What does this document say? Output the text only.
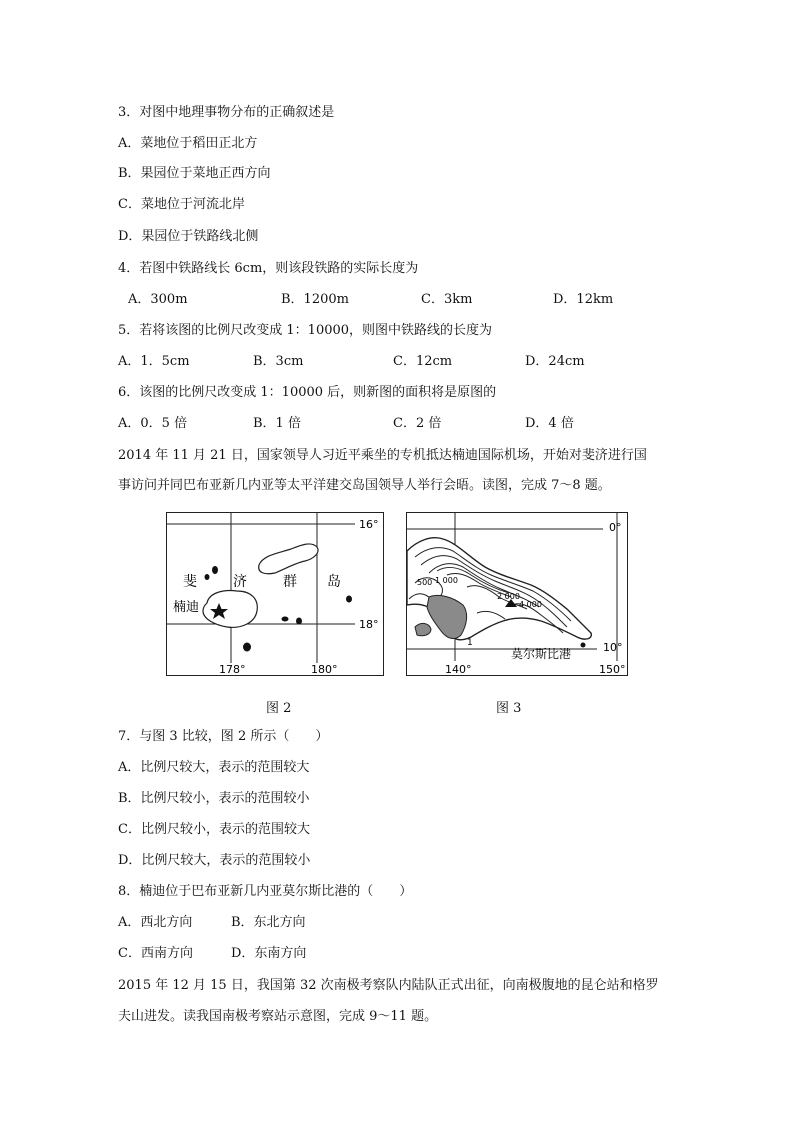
3．对图中地理事物分布的正确叙述是
A．菜地位于稻田正北方
B．果园位于菜地正西方向
C．菜地位于河流北岸
D．果园位于铁路线北侧
4．若图中铁路线长 6cm，则该段铁路的实际长度为
A．300m	B．1200m	C．3km	D．12km
5．若将该图的比例尺改变成 1：10000，则图中铁路线的长度为
A．1．5cm	B．3cm	C．12cm	D．24cm
6．该图的比例尺改变成 1：10000 后，则新图的面积将是原图的
A．0．5 倍	B．1 倍	C．2 倍	D．4 倍
2014 年 11 月 21 日，国家领导人习近平乘坐的专机抵达楠迪国际机场，开始对斐济进行国
事访问并同巴布亚新几内亚等太平洋建交岛国领导人举行会晤。读图，完成 7～8 题。
16°
18°
178°	180°
斐	济	群 岛
楠迪
0°
10°
140°	150°
500 1 000
2 000
4 000
1
莫尔斯比港
图 2	图 3
7．与图 3 比较，图 2 所示（　　）
A．比例尺较大，表示的范围较大
B．比例尺较小，表示的范围较小
C．比例尺较小，表示的范围较大
D．比例尺较大，表示的范围较小
8．楠迪位于巴布亚新几内亚莫尔斯比港的（　　）
A．西北方向	B．东北方向
C．西南方向	D．东南方向
2015 年 12 月 15 日，我国第 32 次南极考察队内陆队正式出征，向南极腹地的昆仑站和格罗
夫山进发。读我国南极考察站示意图，完成 9～11 题。
